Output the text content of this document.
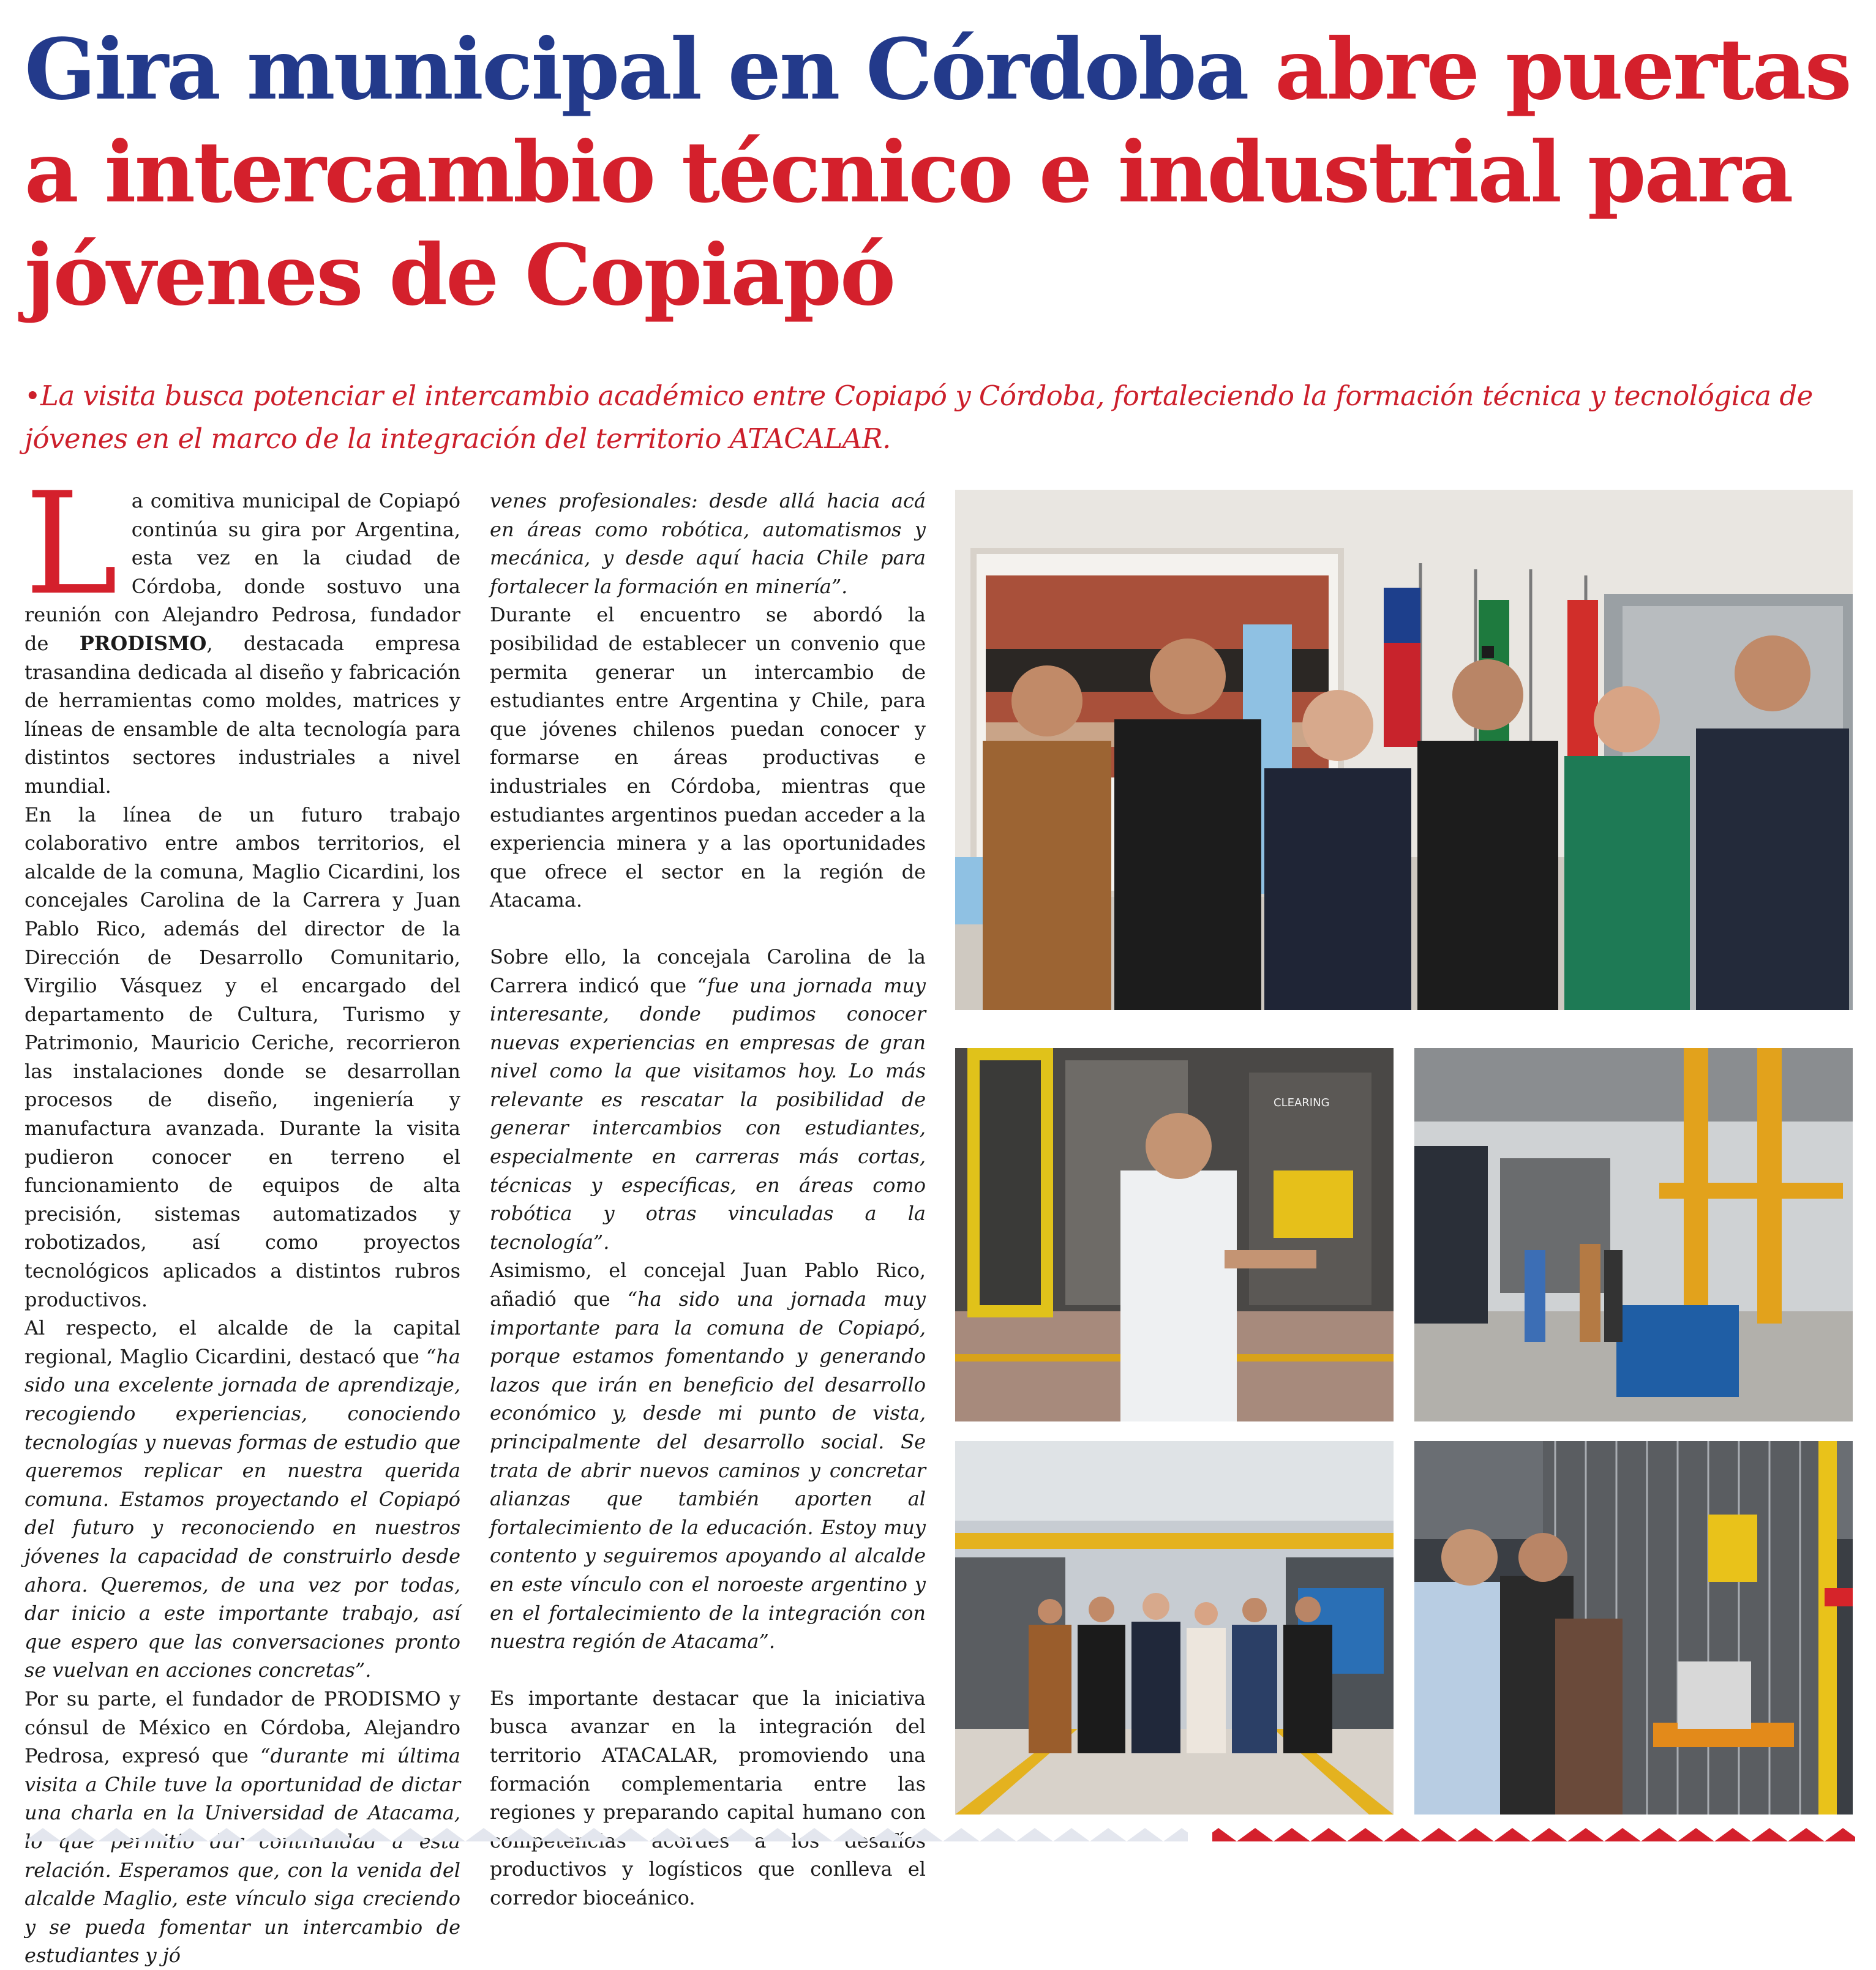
Gira municipal en Córdoba abre puertas a intercambio técnico e industrial para jóvenes de Copiapó

•La visita busca potenciar el intercambio académico entre Copiapó y Córdoba, fortaleciendo la formación técnica y tecnológica de jóvenes en el marco de la integración del territorio ATACALAR.

La comitiva municipal de Copiapó continúa su gira por Argentina, esta vez en la ciudad de Córdoba, donde sostuvo una reunión con Alejandro Pedrosa, fundador de PRODISMO, destacada empresa trasandina dedicada al diseño y fabricación de herramientas como moldes, matrices y líneas de ensamble de alta tecnología para distintos sectores industriales a nivel mundial.

En la línea de un futuro trabajo colaborativo entre ambos territorios, el alcalde de la comuna, Maglio Cicardini, los concejales Carolina de la Carrera y Juan Pablo Rico, además del director de la Dirección de Desarrollo Comunitario, Virgilio Vásquez y el encargado del departamento de Cultura, Turismo y Patrimonio, Mauricio Ceriche, recorrieron las instalaciones donde se desarrollan procesos de diseño, ingeniería y manufactura avanzada. Durante la visita pudieron conocer en terreno el funcionamiento de equipos de alta precisión, sistemas automatizados y robotizados, así como proyectos tecnológicos aplicados a distintos rubros productivos.

Al respecto, el alcalde de la capital regional, Maglio Cicardini, destacó que “ha sido una excelente jornada de aprendizaje, recogiendo experiencias, conociendo tecnologías y nuevas formas de estudio que queremos replicar en nuestra querida comuna. Estamos proyectando el Copiapó del futuro y reconociendo en nuestros jóvenes la capacidad de construirlo desde ahora. Queremos, de una vez por todas, dar inicio a este importante trabajo, así que espero que las conversaciones pronto se vuelvan en acciones concretas”.

Por su parte, el fundador de PRODISMO y cónsul de México en Córdoba, Alejandro Pedrosa, expresó que “durante mi última visita a Chile tuve la oportunidad de dictar una charla en la Universidad de Atacama, relación. Esperamos que, con la venida del alcalde Maglio, este vínculo siga creciendo y se pueda fomentar un intercambio de estudiantes y jó

venes profesionales: desde allá hacia acá en áreas como robótica, automatismos y mecánica, y desde aquí hacia Chile para fortalecer la formación en minería”.

Durante el encuentro se abordó la posibilidad de establecer un convenio que permita generar un intercambio de estudiantes entre Argentina y Chile, para que jóvenes chilenos puedan conocer y formarse en áreas productivas e industriales en Córdoba, mientras que estudiantes argentinos puedan acceder a la experiencia minera y a las oportunidades que ofrece el sector en la región de Atacama.

Sobre ello, la concejala Carolina de la Carrera indicó que “fue una jornada muy interesante, donde pudimos conocer nuevas experiencias en empresas de gran nivel como la que visitamos hoy. Lo más relevante es rescatar la posibilidad de generar intercambios con estudiantes, especialmente en carreras más cortas, técnicas y específicas, en áreas como robótica y otras vinculadas a la tecnología”.

Asimismo, el concejal Juan Pablo Rico, añadió que “ha sido una jornada muy importante para la comuna de Copiapó, porque estamos fomentando y generando lazos que irán en beneficio del desarrollo económico y, desde mi punto de vista, principalmente del desarrollo social. Se trata de abrir nuevos caminos y concretar alianzas que también aporten al fortalecimiento de la educación. Estoy muy contento y seguiremos apoyando al alcalde en este vínculo con el noroeste argentino y en el fortalecimiento de la integración con nuestra región de Atacama”.

Es importante destacar que la iniciativa busca avanzar en la integración del territorio ATACALAR, promoviendo una formación complementaria entre las regiones y preparando capital humano con productivos y logísticos que conlleva el corredor bioceánico.

CLEARING
